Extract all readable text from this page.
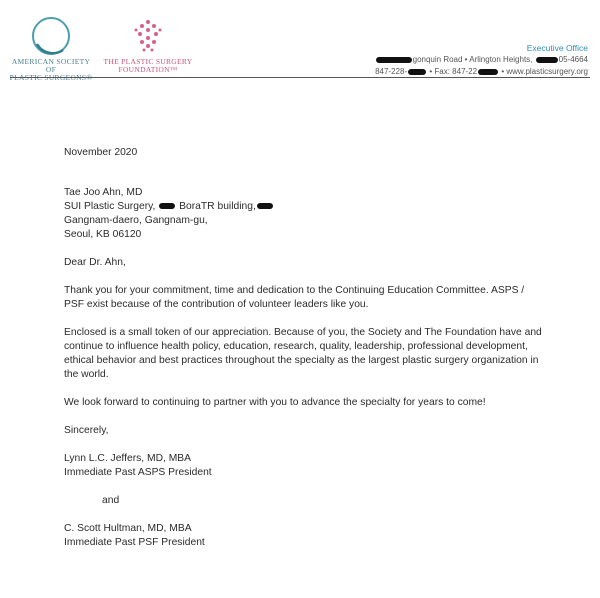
AMERICAN SOCIETY OF
PLASTIC SURGEONS®
THE PLASTIC SURGERY
FOUNDATION™
Executive Office
gonquin Road • Arlington Heights,	05-4664
847-228-	• Fax: 847-22	• www.plasticsurgery.org

November 2020

Tae Joo Ahn, MD

SUI Plastic Surgery, BoraTR building,

Gangnam-daero, Gangnam-gu,

Seoul, KB 06120

Dear Dr. Ahn,

Thank you for your commitment, time and dedication to the Continuing Education Committee. ASPS / PSF exist because of the contribution of volunteer leaders like you.

Enclosed is a small token of our appreciation. Because of you, the Society and The Foundation have and continue to influence health policy, education, research, quality, leadership, professional development, ethical behavior and best practices throughout the specialty as the largest plastic surgery organization in the world.

We look forward to continuing to partner with you to advance the specialty for years to come!

Sincerely,

Lynn L.C. Jeffers, MD, MBA

Immediate Past ASPS President

and

C. Scott Hultman, MD, MBA

Immediate Past PSF President
